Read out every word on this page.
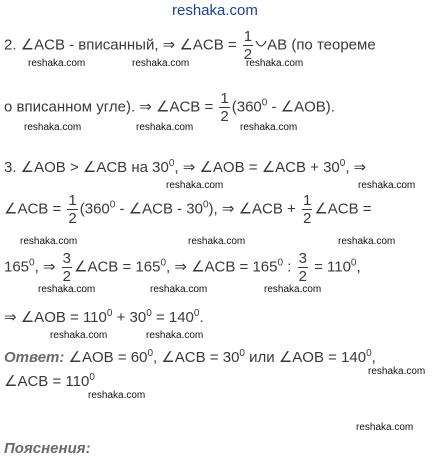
reshaka.com
2. ∠ACB - вписанный, ⇒ ∠ACB = $\frac{1}{2}$ AB (по теореме
о вписанном угле). ⇒ ∠ACB = $\frac{1}{2} (360^0$ - ∠AOB).
3. ∠AOB > ∠ACB на $30^0$, ⇒ ∠AOB = ∠ACB + $30^0$, ⇒
∠ACB = $\frac{1}{2} (360^0$ - ∠ACB - $30^0$), ⇒ ∠ACB + $\frac{1}{2}$ ∠ACB =
$165^0$, ⇒ $\frac{3}{2}$ ∠ACB = $165^0$, ⇒ ∠ACB = $165^0$ : $\frac{3}{2} = 110^0$,
⇒ ∠AOB = $110^0 + 30^0 = 140^0$.
Ответ: ∠AOB = $60^0$, ∠ACB = $30^0$ или ∠AOB = $140^0$,
∠ACB = $110^0$
Пояснения:
reshaka.com	reshaka.com	reshaka.com
reshaka.com	reshaka.com	reshaka.com
reshaka.com	reshaka.com
reshaka.com	reshaka.com	reshaka.com
reshaka.com	reshaka.com	reshaka.com
reshaka.com	reshaka.com
reshaka.com
reshaka.com
reshaka.com
